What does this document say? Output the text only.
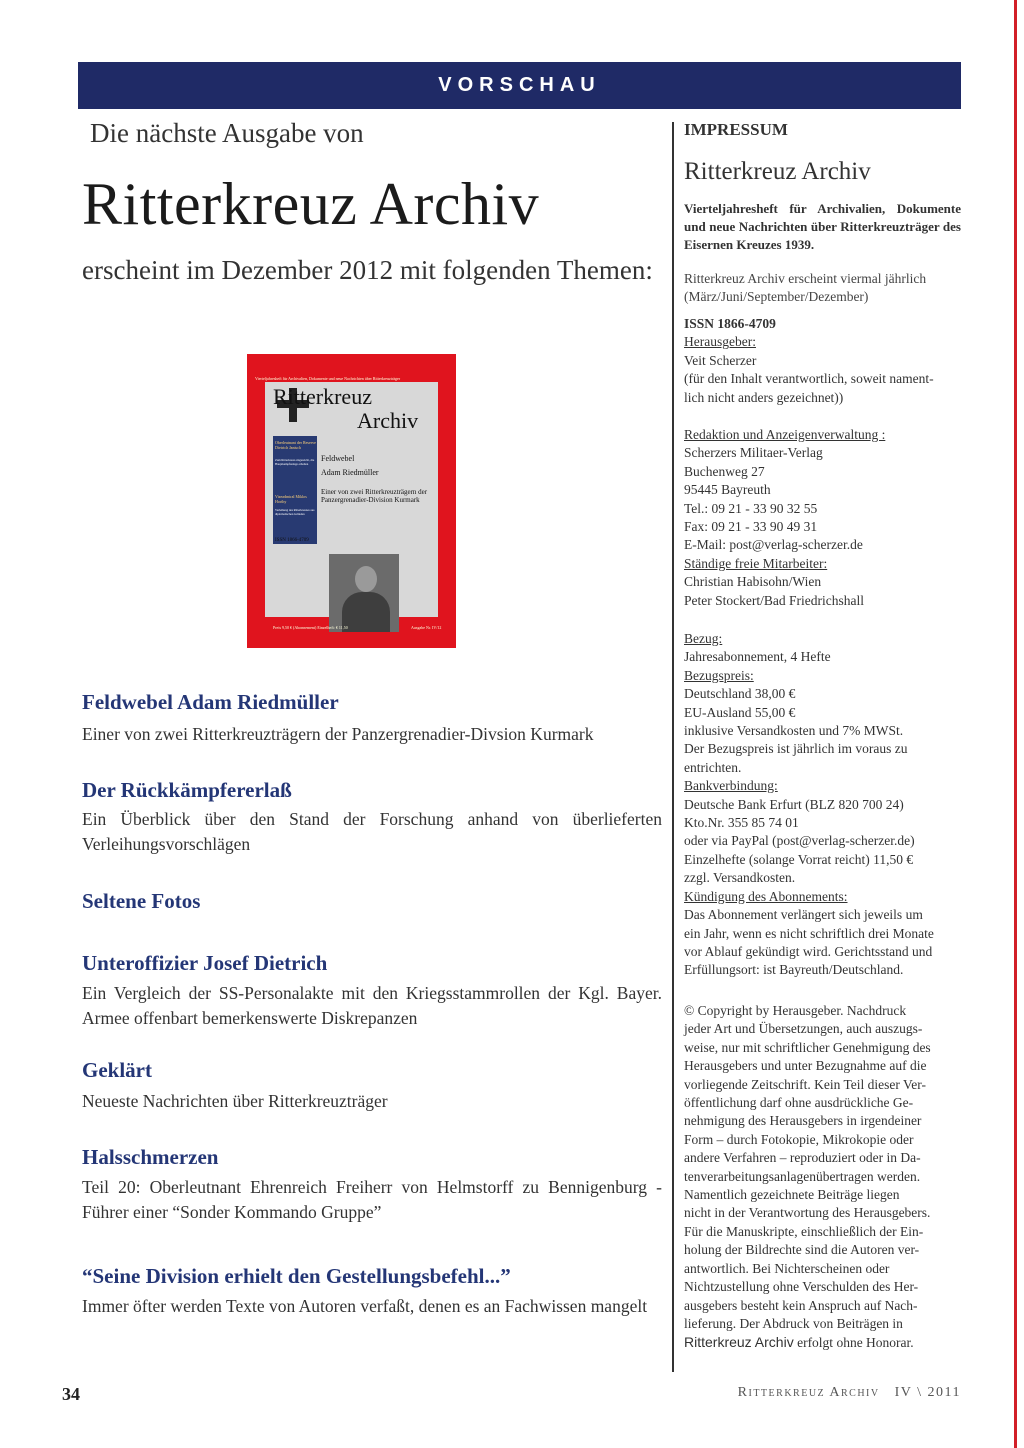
VORSCHAU
Die nächste Ausgabe von
Ritterkreuz Archiv
erscheint im Dezember 2012 mit folgenden Themen:
Vierteljahresheft für Archivalien, Dokumente und neue Nachrichten über Ritterkreuzträger
Ritterkreuz
Archiv
Oberleutnant der Reserve Dietrich Janisch
Zum Ritterkreuz eingereicht, die Hauptkampfanlage erhalten
Vizeadmiral Miklos Horthy
Verleihung des Ritterkreuzes aus diplomatischen Gründen
Feldwebel
Adam Riedmüller
Einer von zwei Ritterkreuzträgern der Panzergrenadier-Division Kurmark
ISSN 1866-4709
Preis 9,50 € (Abonnement) Einzelheft: € 11,50	Ausgabe Nr. IV/12
Feldwebel Adam Riedmüller
Einer von zwei Ritterkreuzträgern der Panzergrenadier-Divsion Kurmark
Der Rückkämpfererlaß
Ein Überblick über den Stand der Forschung anhand von überlieferten Verleihungsvorschlägen
Seltene Fotos
Unteroffizier Josef Dietrich
Ein Vergleich der SS-Personalakte mit den Kriegsstammrollen der Kgl. Bayer. Armee offenbart bemerkenswerte Diskrepanzen
Geklärt
Neueste Nachrichten über Ritterkreuzträger
Halsschmerzen
Teil 20: Oberleutnant Ehrenreich Freiherr von Helmstorff zu Bennigenburg - Führer einer “Sonder Kommando Gruppe”
“Seine Division erhielt den Gestellungsbefehl...”
Immer öfter werden Texte von Autoren verfaßt, denen es an Fachwissen mangelt
IMPRESSUM
Ritterkreuz Archiv
Vierteljahresheft für Archivalien, Dokumente und neue Nachrichten über Ritterkreuzträger des Eisernen Kreuzes 1939.
Ritterkreuz Archiv erscheint viermal jährlich (März/Juni/September/Dezember)
ISSN 1866-4709
Herausgeber:
Veit Scherzer
(für den Inhalt verantwortlich, soweit nament-
lich nicht anders gezeichnet))
Redaktion und Anzeigenverwaltung :
Scherzers Militaer-Verlag
Buchenweg 27
95445 Bayreuth
Tel.: 09 21 - 33 90 32 55
Fax: 09 21 - 33 90 49 31
E-Mail: post@verlag-scherzer.de
Ständige freie Mitarbeiter:
Christian Habisohn/Wien
Peter Stockert/Bad Friedrichshall
Bezug:
Jahresabonnement, 4 Hefte
Bezugspreis:
Deutschland 38,00 €
EU-Ausland 55,00 €
inklusive Versandkosten und 7% MWSt.
Der Bezugspreis ist jährlich im voraus zu
entrichten.
Bankverbindung:
Deutsche Bank Erfurt (BLZ 820 700 24)
Kto.Nr. 355 85 74 01
oder via PayPal (post@verlag-scherzer.de)
Einzelhefte (solange Vorrat reicht) 11,50 €
zzgl. Versandkosten.
Kündigung des Abonnements:
Das Abonnement verlängert sich jeweils um
ein Jahr, wenn es nicht schriftlich drei Monate
vor Ablauf gekündigt wird. Gerichtsstand und
Erfüllungsort: ist Bayreuth/Deutschland.
© Copyright by Herausgeber. Nachdruck
jeder Art und Übersetzungen, auch auszugs-
weise, nur mit schriftlicher Genehmigung des
Herausgebers und unter Bezugnahme auf die
vorliegende Zeitschrift. Kein Teil dieser Ver-
öffentlichung darf ohne ausdrückliche Ge-
nehmigung des Herausgebers in irgendeiner
Form – durch Fotokopie, Mikrokopie oder
andere Verfahren – reproduziert oder in Da-
tenverarbeitungsanlagenübertragen werden.
Namentlich gezeichnete Beiträge liegen
nicht in der Verantwortung des Herausgebers.
Für die Manuskripte, einschließlich der Ein-
holung der Bildrechte sind die Autoren ver-
antwortlich. Bei Nichterscheinen oder
Nichtzustellung ohne Verschulden des Her-
ausgebers besteht kein Anspruch auf Nach-
lieferung. Der Abdruck von Beiträgen in
Ritterkreuz Archiv erfolgt ohne Honorar.
34	Ritterkreuz Archiv IV \ 2011
